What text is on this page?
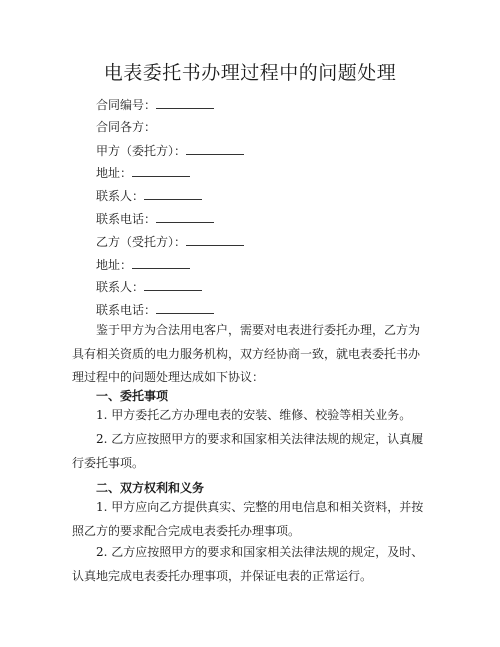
电表委托书办理过程中的问题处理
合同编号：
合同各方：
甲方（委托方）：
地址：
联系人：
联系电话：
乙方（受托方）：
地址：
联系人：
联系电话：
鉴于甲方为合法用电客户，需要对电表进行委托办理，乙方为具有相关资质的电力服务机构，双方经协商一致，就电表委托书办理过程中的问题处理达成如下协议：
一、委托事项
1. 甲方委托乙方办理电表的安装、维修、校验等相关业务。
2. 乙方应按照甲方的要求和国家相关法律法规的规定，认真履行委托事项。
二、双方权利和义务
1. 甲方应向乙方提供真实、完整的用电信息和相关资料，并按照乙方的要求配合完成电表委托办理事项。
2. 乙方应按照甲方的要求和国家相关法律法规的规定，及时、认真地完成电表委托办理事项，并保证电表的正常运行。
